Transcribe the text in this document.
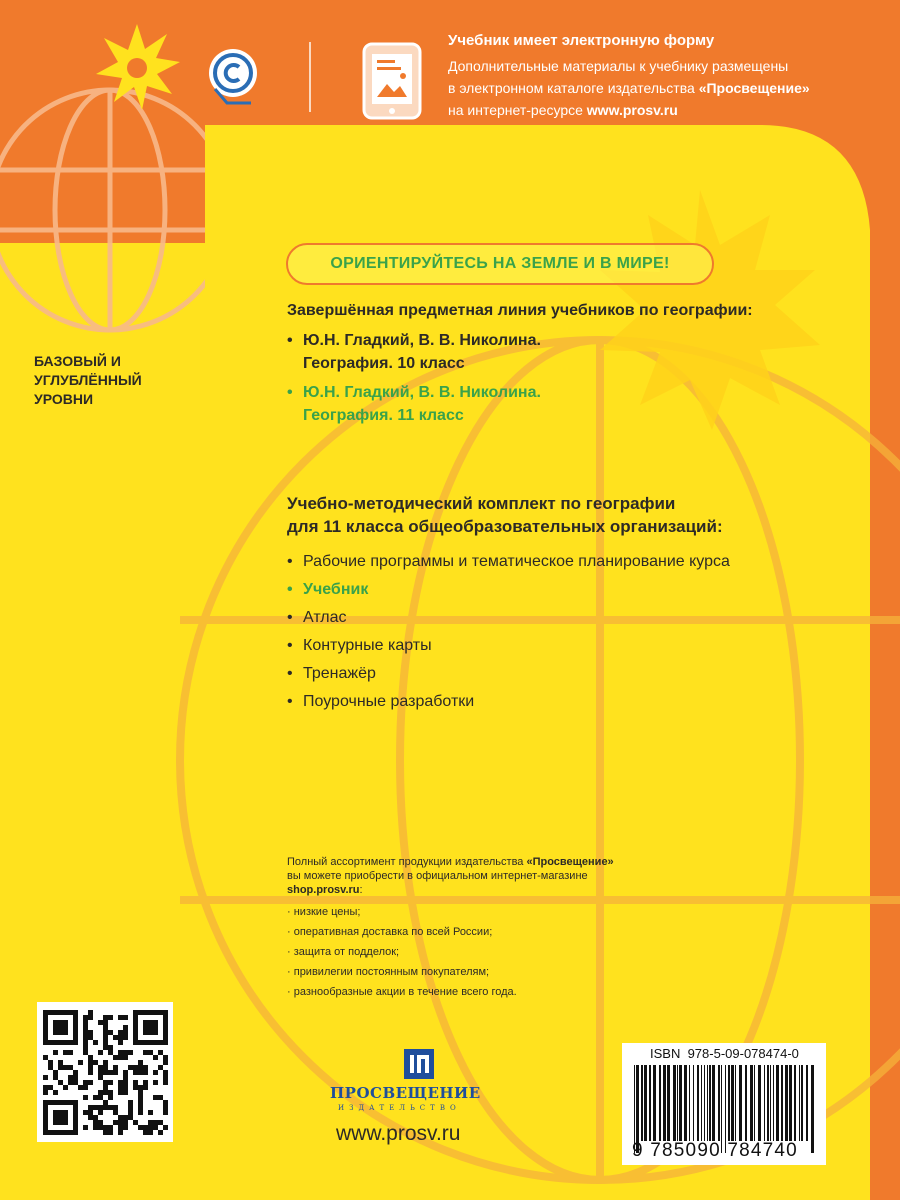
Учебник имеет электронную форму
Дополнительные материалы к учебнику размещены
в электронном каталоге издательства «Просвещение»
на интернет-ресурсе www.prosv.ru
ОРИЕНТИРУЙТЕСЬ НА ЗЕМЛЕ И В МИРЕ!
БАЗОВЫЙ И
УГЛУБЛЁННЫЙ
УРОВНИ
Завершённая предметная линия учебников по географии:
• Ю.Н. Гладкий, В. В. Николина.
География. 10 класс
• Ю.Н. Гладкий, В. В. Николина.
География. 11 класс
Учебно-методический комплект по географии
для 11 класса общеобразовательных организаций:
• Рабочие программы и тематическое планирование курса
• Учебник
• Атлас
• Контурные карты
• Тренажёр
• Поурочные разработки
Полный ассортимент продукции издательства «Просвещение»
вы можете приобрести в официальном интернет-магазине
shop.prosv.ru:
· низкие цены;
· оперативная доставка по всей России;
· защита от подделок;
· привилегии постоянным покупателям;
· разнообразные акции в течение всего года.
ПРОСВЕЩЕНИЕ
ИЗДАТЕЛЬСТВО
www.prosv.ru
ISBN 978-5-09-078474-0
9 785090 784740
